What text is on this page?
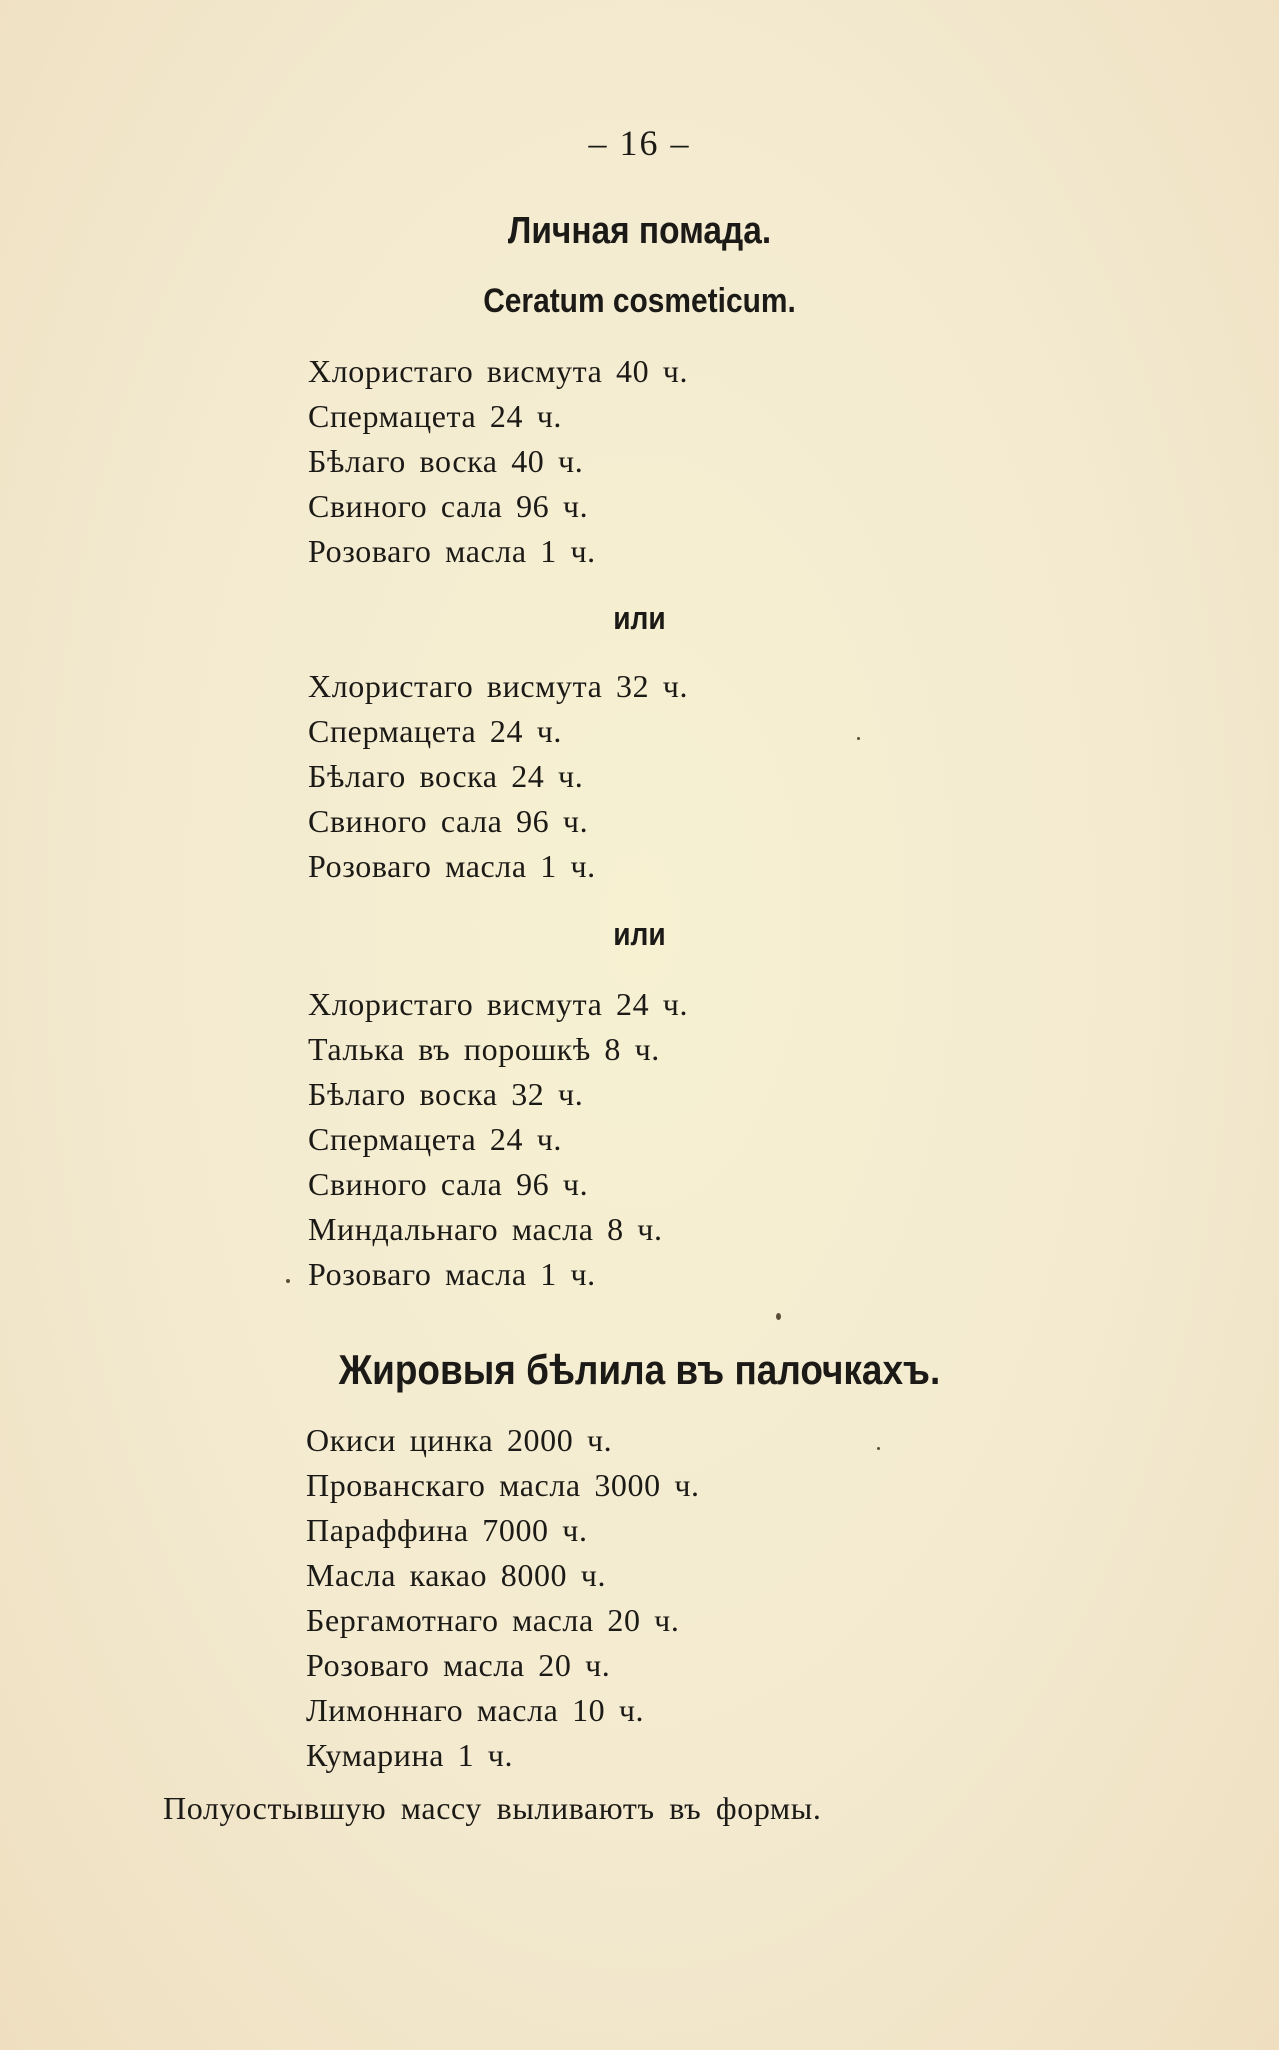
– 16 –
Личная помада.
Ceratum cosmeticum.
Хлористаго висмута 40 ч.
Спермацета 24 ч.
Бѣлаго воска 40 ч.
Свиного сала 96 ч.
Розоваго масла 1 ч.
или
Хлористаго висмута 32 ч.
Спермацета 24 ч.
Бѣлаго воска 24 ч.
Свиного сала 96 ч.
Розоваго масла 1 ч.
или
Хлористаго висмута 24 ч.
Талька въ порошкѣ 8 ч.
Бѣлаго воска 32 ч.
Спермацета 24 ч.
Свиного сала 96 ч.
Миндальнаго масла 8 ч.
Розоваго масла 1 ч.
Жировыя бѣлила въ палочкахъ.
Окиси цинка 2000 ч.
Прованскаго масла 3000 ч.
Параффина 7000 ч.
Масла какао 8000 ч.
Бергамотнаго масла 20 ч.
Розоваго масла 20 ч.
Лимоннаго масла 10 ч.
Кумарина 1 ч.
Полуостывшую массу выливаютъ въ формы.
